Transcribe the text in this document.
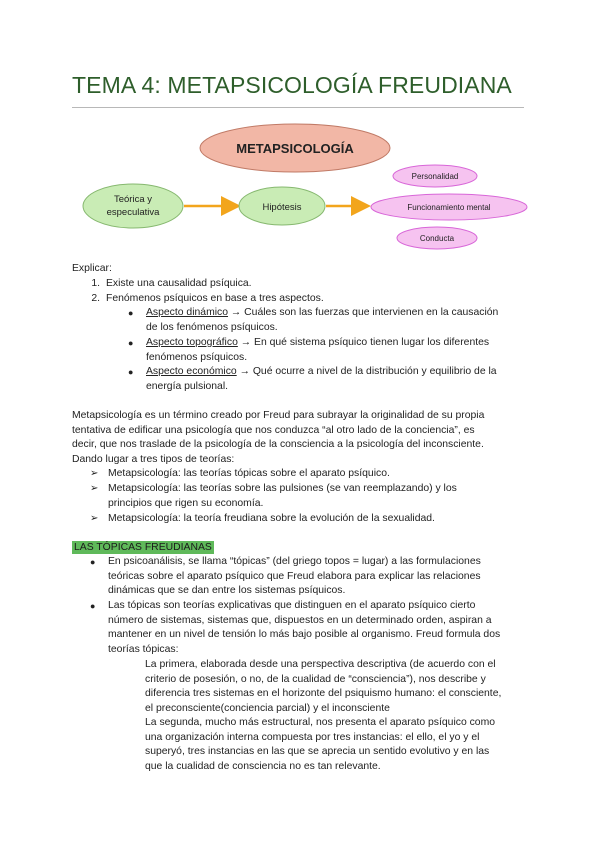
TEMA 4: METAPSICOLOGÍA FREUDIANA
METAPSICOLOGÍA
Teórica y
especulativa	Hipótesis
Personalidad
Funcionamiento mental
Conducta
Explicar:
1. Existe una causalidad psíquica.
2. Fenómenos psíquicos en base a tres aspectos.
● Aspecto dinámico → Cuáles son las fuerzas que intervienen en la causación
de los fenómenos psíquicos.
● Aspecto topográfico → En qué sistema psíquico tienen lugar los diferentes
fenómenos psíquicos.
● Aspecto económico → Qué ocurre a nivel de la distribución y equilibrio de la
energía pulsional.
Metapsicología es un término creado por Freud para subrayar la originalidad de su propia
tentativa de edificar una psicología que nos conduzca “al otro lado de la conciencia”, es
decir, que nos traslade de la psicología de la consciencia a la psicología del inconsciente.
Dando lugar a tres tipos de teorías:
➢ Metapsicología: las teorías tópicas sobre el aparato psíquico.
➢ Metapsicología: las teorías sobre las pulsiones (se van reemplazando) y los
principios que rigen su economía.
➢ Metapsicología: la teoría freudiana sobre la evolución de la sexualidad.
LAS TÓPICAS FREUDIANAS
● En psicoanálisis, se llama “tópicas” (del griego topos = lugar) a las formulaciones
teóricas sobre el aparato psíquico que Freud elabora para explicar las relaciones
dinámicas que se dan entre los sistemas psíquicos.
● Las tópicas son teorías explicativas que distinguen en el aparato psíquico cierto
número de sistemas, sistemas que, dispuestos en un determinado orden, aspiran a
mantener en un nivel de tensión lo más bajo posible al organismo. Freud formula dos
teorías tópicas:
La primera, elaborada desde una perspectiva descriptiva (de acuerdo con el
criterio de posesión, o no, de la cualidad de “consciencia”), nos describe y
diferencia tres sistemas en el horizonte del psiquismo humano: el consciente,
el preconsciente(conciencia parcial) y el inconsciente
La segunda, mucho más estructural, nos presenta el aparato psíquico como
una organización interna compuesta por tres instancias: el ello, el yo y el
superyó, tres instancias en las que se aprecia un sentido evolutivo y en las
que la cualidad de consciencia no es tan relevante.
